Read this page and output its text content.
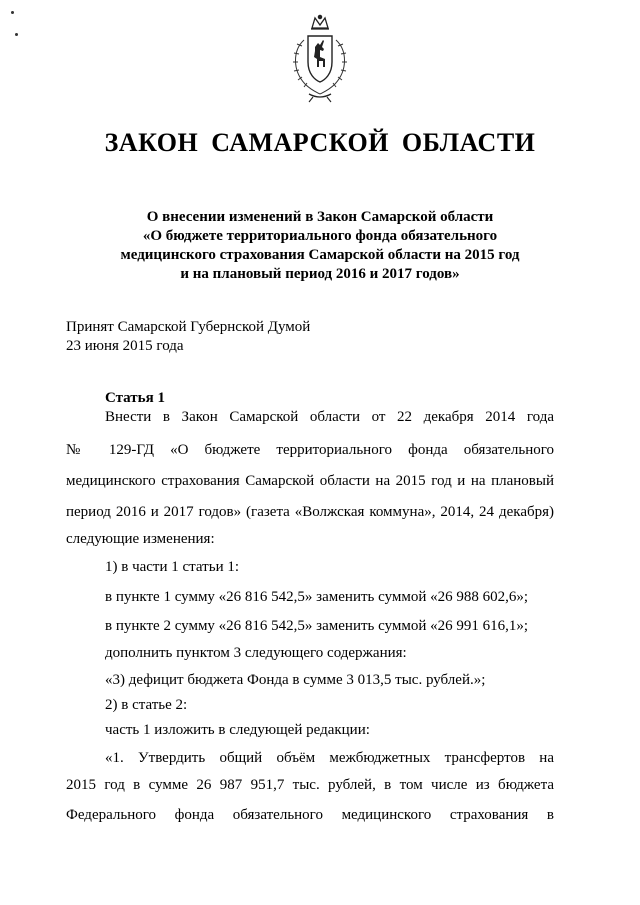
ЗАКОН САМАРСКОЙ ОБЛАСТИ
О внесении изменений в Закон Самарской области
«О бюджете территориального фонда обязательного
медицинского страхования Самарской области на 2015 год
и на плановый период 2016 и 2017 годов»
Принят Самарской Губернской Думой
23 июня 2015 года
Статья 1
Внести в Закон Самарской области от 22 декабря 2014 года
№ 129-ГД «О бюджете территориального фонда обязательного
медицинского страхования Самарской области на 2015 год и на плановый
период 2016 и 2017 годов» (газета «Волжская коммуна», 2014, 24 декабря)
следующие изменения:
1) в части 1 статьи 1:
в пункте 1 сумму «26 816 542,5» заменить суммой «26 988 602,6»;
в пункте 2 сумму «26 816 542,5» заменить суммой «26 991 616,1»;
дополнить пунктом 3 следующего содержания:
«3) дефицит бюджета Фонда в сумме 3 013,5 тыс. рублей.»;
2) в статье 2:
часть 1 изложить в следующей редакции:
«1. Утвердить общий объём межбюджетных трансфертов на
2015 год в сумме 26 987 951,7 тыс. рублей, в том числе из бюджета
Федерального фонда обязательного медицинского страхования в
